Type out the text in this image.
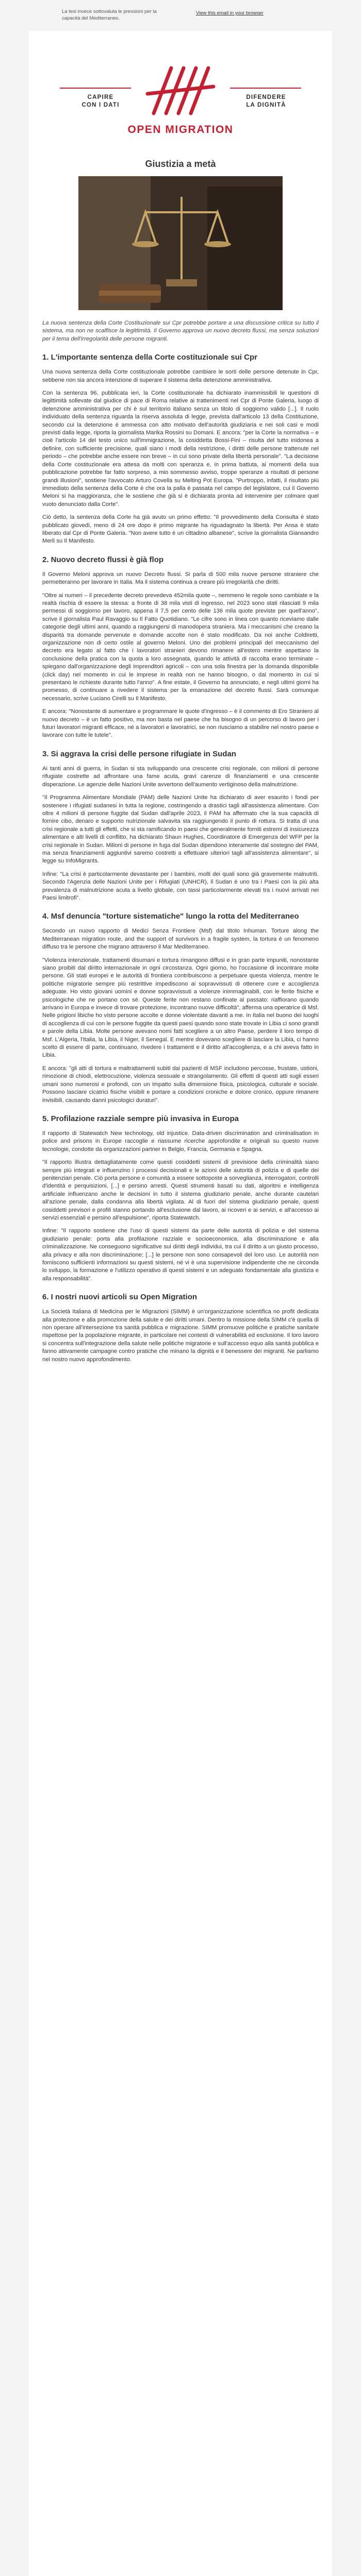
La tesi invece sottovaluta le pressioni per la capacità del Mediterraneo.
View this email in your browser
CAPIRE
CON I DATI
DIFENDERE
LA DIGNITÀ
OPEN MIGRATION
Giustizia a metà

La nuova sentenza della Corte Costituzionale sui Cpr potrebbe portare a una discussione critica su tutto il sistema, ma non ne scalfisce la legittimità. Il Governo approva un nuovo decreto flussi, ma senza soluzioni per il tema dell'irregolarità delle persone migranti.

1. L'importante sentenza della Corte costituzionale sui Cpr

Una nuova sentenza della Corte costituzionale potrebbe cambiare le sorti delle persone detenute in Cpr, sebbene non sia ancora intenzione di superare il sistema della detenzione amministrativa.

Con la sentenza 96, pubblicata ieri, la Corte costituzionale ha dichiarato inammissibili le questioni di legittimità sollevate dal giudice di pace di Roma relative ai trattenimenti nel Cpr di Ponte Galeria, luogo di detenzione amministrativa per chi è sul territorio italiano senza un titolo di soggiorno valido [...]. Il ruolo individuato della sentenza riguarda la riserva assoluta di legge, prevista dall'articolo 13 della Costituzione, secondo cui la detenzione è ammessa con atto motivato dell'autorità giudiziaria e nei soli casi e modi previsti dalla legge, riporta la giornalista Marika Rossini su Domani. E ancora: "per la Corte la normativa – e cioè l'articolo 14 del testo unico sull'immigrazione, la cosiddetta Bossi-Fini – risulta del tutto inidonea a definire, con sufficiente precisione, quali siano i modi della restrizione, i diritti delle persone trattenute nel periodo – che potrebbe anche essere non breve – in cui sono private della libertà personale". "La decisione della Corte costituzionale era attesa da molti con speranza e, in prima battuta, ai momenti della sua pubblicazione potrebbe far fatto sorpreso, a mio sommesso avviso, troppe speranze a risultati di persone grandi illusioni", sostiene l'avvocato Arturo Covella su Melting Pot Europa. "Purtroppo, infatti, il risultato più immediato della sentenza della Corte è che ora la palla è passata nel campo del legislatore, cui il Governo Meloni si ha maggioranza, che le sostiene che già si è dichiarata pronta ad intervenire per colmare quel vuoto denunciato dalla Corte".

Ciò detto, la sentenza della Corte ha già avuto un primo effetto: "Il provvedimento della Consulta è stato pubblicato giovedì, meno di 24 ore dopo è primo migrante ha riguadagnato la libertà. Per Ansa è stato liberato dal Cpr di Ponte Galeria. "Non avere tutto è un cittadino albanese", scrive la giornalista Giansandro Merli su Il Manifesto.

2. Nuovo decreto flussi è già flop

Il Governo Meloni approva un nuovo Decreto flussi. Si parla di 500 mila nuove persone straniere che permetteranno per lavorare in Italia. Ma il sistema continua a creare più irregolarità che diritti.

"Oltre ai numeri – il precedente decreto prevedeva 452mila quote –, nemmeno le regole sono cambiate e la realtà rischia di essere la stessa: a fronte di 38 mila visti di ingresso, nel 2023 sono stati rilasciati 9 mila permessi di soggiorno per lavoro, appena il 7,5 per cento delle 136 mila quote previste per quell'anno", scrive il giornalista Paul Ravaggio su Il Fatto Quotidiano. "Le cifre sono in linea con quanto riceviamo dalle categorie degli ultimi anni, quando a raggiungersi di manodopera straniera. Ma i meccanismi che creano la disparità tra domande pervenute e domande accolte non è stato modificato. Da noi anche Coldiretti, organizzazione non di certo ostile al governo Meloni. Uno dei problemi principali del meccanismo del decreto era legato al fatto che i lavoratori stranieri devono rimanere all'estero mentre aspettano la conclusione della pratica con la quota a loro assegnata, quando le attività di raccolta erano terminate – spiegano dall'organizzazione degli imprenditori agricoli – con una sola finestra per la domanda disponibile (click day) nel momento in cui le imprese in realtà non ne hanno bisogno, o dal momento in cui si presentano le richieste durante tutto l'anno". A fine estate, il Governo ha annunciato, e negli ultimi giorni ha promesso, di continuare a rivedere il sistema per la emanazione del decreto flussi. Sarà comunque necessario, scrive Luciano Cirelli su Il Manifesto.

E ancora: "Nonostante di aumentare e programmare le quote d'ingresso – è il commento di Ero Straniero al nuovo decreto – è un fatto positivo, ma non basta nel paese che ha bisogno di un percorso di lavoro per i futuri lavoratori migranti efficace, né a lavoratori e lavoratrici, se non riusciamo a stabilire nel nostro paese e lavorare con tutte le tutele".

3. Si aggrava la crisi delle persone rifugiate in Sudan

Ai tanti anni di guerra, in Sudan si sta sviluppando una crescente crisi regionale, con milioni di persone rifugiate costrette ad affrontare una fame acuta, gravi carenze di finanziamenti e una crescente disperazione. Le agenzie delle Nazioni Unite avvertono dell'aumento vertiginoso della malnutrizione.

"Il Programma Alimentare Mondiale (PAM) delle Nazioni Unite ha dichiarato di aver esaurito i fondi per sostenere i rifugiati sudanesi in tutta la regione, costringendo a drastici tagli all'assistenza alimentare. Con oltre 4 milioni di persone fuggite dal Sudan dall'aprile 2023, il PAM ha affermato che la sua capacità di fornire cibo, denaro e supporto nutrizionale salvavita sta raggiungendo il punto di rottura. Si tratta di una crisi regionale a tutti gli effetti, che si sta ramificando in paesi che generalmente forniti estremi di insicurezza alimentare e alti livelli di conflitto, ha dichiarato Shaun Hughes, Coordinatore di Emergenza del WFP per la crisi regionale in Sudan. Milioni di persone in fuga dal Sudan dipendono interamente dal sostegno del PAM, ma senza finanziamenti aggiuntivi saremo costretti a effettuare ulteriori tagli all'assistenza alimentare", si legge su InfoMigrants.

Infine: "La crisi è particolarmente devastante per i bambini, molti dei quali sono già gravemente malnutriti. Secondo l'Agenzia delle Nazioni Unite per i Rifugiati (UNHCR), il Sudan è uno tra i Paesi con la più alta prevalenza di malnutrizione acuta a livello globale, con tassi particolarmente elevati tra i nuovi arrivati nei Paesi limitrofi".

4. Msf denuncia "torture sistematiche" lungo la rotta del Mediterraneo

Secondo un nuovo rapporto di Medici Senza Frontiere (Msf) dal titolo Inhuman. Torture along the Mediterranean migration route, and the support of survivors in a fragile system, la tortura è un fenomeno diffuso tra le persone che migrano attraverso il Mar Mediterraneo.

"Violenza intenzionale, trattamenti disumani e tortura rimangono diffusi e in gran parte impuniti, nonostante siano proibiti dal diritto internazionale in ogni circostanza. Ogni giorno, ho l'occasione di incontrare molte persone. Gli stati europei e le autorità di frontiera contribuiscono a perpetuare questa violenza, mentre le politiche migratorie sempre più restrittive impediscono ai sopravvissuti di ottenere cure e accoglienza adeguate. Ho visto giovani uomini e donne sopravvissuti a violenze inimmaginabili, con le ferite fisiche e psicologiche che ne portano con sé. Queste ferite non restano confinate al passato: riaffiorano quando arrivano in Europa e invece di trovare protezione, incontrano nuove difficoltà", afferma una operatrice di Msf. Nelle prigioni libiche ho visto persone accolte e donne violentate davanti a me. In Italia nel buono dei luoghi di accoglienza di cui con le persone fuggite da questi paesi quando sono state trovate in Libia ci sono grandi e parole della Libia. Molte persone avevano nomi fatti scegliere a un altro Paese, perdere il loro tempo di Msf. L'Algeria, l'Italia, la Libia, il Niger, il Senegal. E mentre dovevano scegliere di lasciare la Libia, ci hanno scelto di essere di parte, continuano, rivedere i trattamenti e il diritto all'accoglienza, e a chi aveva fatto in Libia.

E ancora: "gli atti di tortura e maltrattamenti subiti dai pazienti di MSF includono percosse, frustate, ustioni, rimozione di chiodi, elettrocuzione, violenza sessuale e strangolamento. Gli effetti di questi atti sugli esseri umani sono numerosi e profondi, con un impatto sulla dimensione fisica, psicologica, culturale e sociale. Possono lasciare cicatrici fisiche visibili e portare a condizioni croniche e dolore cronico, oppure rimanere invisibili, causando danni psicologici duraturi".

5. Profilazione razziale sempre più invasiva in Europa

Il rapporto di Statewatch New technology, old injustice. Data-driven discrimination and criminalisation in police and prisons in Europe raccoglie e riassume ricerche approfondite e originali su questo nuove tecnologie, condotte da organizzazioni partner in Belgio, Francia, Germania e Spagna.

"Il rapporto illustra dettagliatamente come questi cosiddetti sistemi di previsione della criminalità siano sempre più integrati e influenzino i processi decisionali e le azioni delle autorità di polizia e di quelle dei penitenziari penale. Ciò porta persone e comunità a essere sottoposte a sorveglianza, interrogatori, controlli d'identità e perquisizioni, [...] e persino arresti. Questi strumenti basati su dati, algoritmi e intelligenza artificiale influenzano anche le decisioni in tutto il sistema giudiziario penale, anche durante cautelari all'azione penale, dalla condanna alla libertà vigilata. Al di fuori del sistema giudiziario penale, questi cosiddetti previsori e profili stanno portando all'esclusione dal lavoro, ai ricoveri e ai servizi, e all'accesso ai servizi essenziali e persino all'espulsione", riporta Statewatch.

Infine: "Il rapporto sostiene che l'uso di questi sistemi da parte delle autorità di polizia e del sistema giudiziario penale: porta alla profilazione razziale e socioeconomica, alla discriminazione e alla criminalizzazione. Ne conseguono significative sui diritti degli individui, tra cui il diritto a un giusto processo, alla privacy e alla non discriminazione; [...] le persone non sono consapevoli del loro uso. Le autorità non forniscono sufficienti informazioni su questi sistemi, né vi è una supervisione indipendente che ne circonda lo sviluppo, la formazione e l'utilizzo operativo di questi sistemi e un adeguato fondamentale alla giustizia e alla responsabilità".

6. I nostri nuovi articoli su Open Migration

La Società Italiana di Medicina per le Migrazioni (SIMM) è un'organizzazione scientifica no profit dedicata alla protezione e alla promozione della salute e dei diritti umani. Dentro la missione della SIMM c'è quella di non operare all'intersezione tra sanità pubblica e migrazione. SIMM promuove politiche e pratiche sanitarie rispettose per la popolazione migrante, in particolare nei contesti di vulnerabilità ed esclusione. Il loro lavoro si concentra sull'integrazione della salute nelle politiche migratorie e sull'accesso equo alla sanità pubblica e fanno attivamente campagne contro pratiche che minano la dignità e il benessere dei migranti. Ne parliamo nel nostro nuovo approfondimento.
